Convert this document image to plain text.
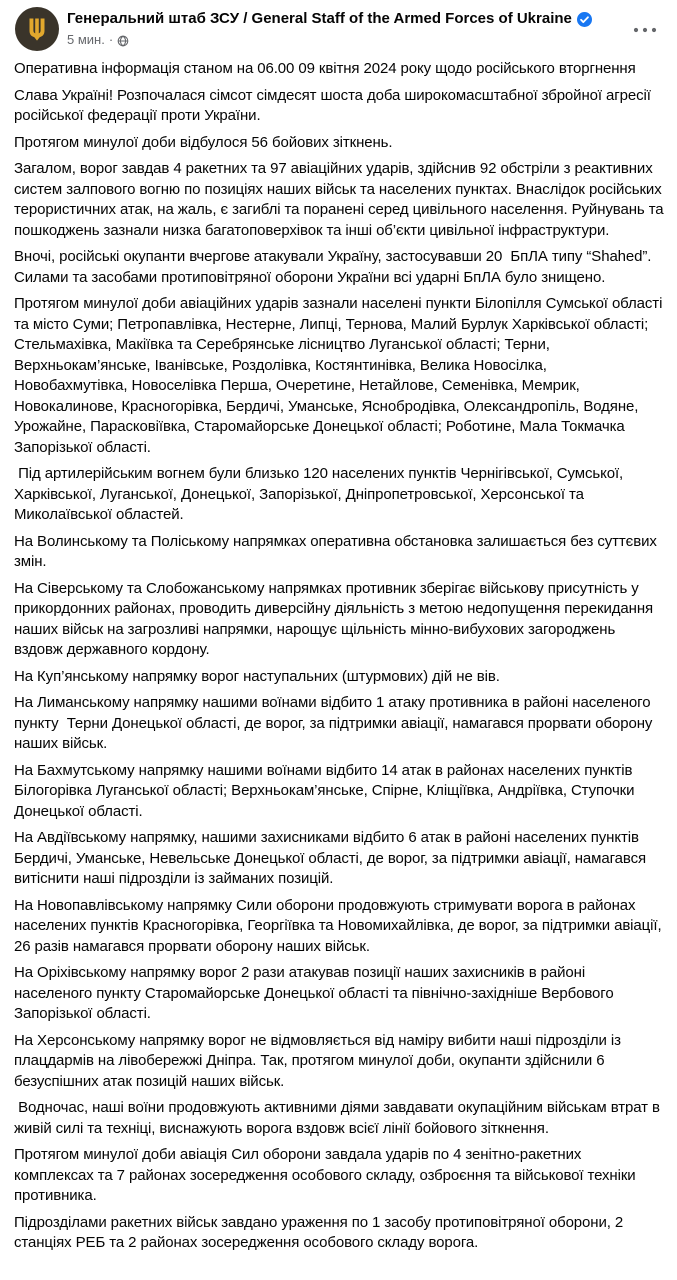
Генеральний штаб ЗСУ / General Staff of the Armed Forces of Ukraine
5 мин. ·
Оперативна інформація станом на 06.00 09 квітня 2024 року щодо російського вторгнення
Слава Україні! Розпочалася сімсот сімдесят шоста доба широкомасштабної збройної агресії російської федерації проти України.
Протягом минулої доби відбулося 56 бойових зіткнень.
Загалом, ворог завдав 4 ракетних та 97 авіаційних ударів, здійснив 92 обстріли з реактивних систем залпового вогню по позиціях наших військ та населених пунктах. Внаслідок російських терористичних атак, на жаль, є загиблі та поранені серед цивільного населення. Руйнувань та пошкоджень зазнали низка багатоповерхівок та інші об’єкти цивільної інфраструктури.
Вночі, російські окупанти вчергове атакували Україну, застосувавши 20  БпЛА типу “Shahed”. Силами та засобами протиповітряної оборони України всі ударні БпЛА було знищено.
Протягом минулої доби авіаційних ударів зазнали населені пункти Білопілля Сумської області та місто Суми; Петропавлівка, Нестерне, Липці, Тернова, Малий Бурлук Харківської області; Стельмахівка, Макіївка та Серебрянське лісництво Луганської області; Терни, Верхньокам’янське, Іванівське, Роздолівка, Костянтинівка, Велика Новосілка, Новобахмутівка, Новоселівка Перша, Очеретине, Нетайлове, Семенівка, Мемрик, Новокалинове, Красногорівка, Бердичі, Уманське, Яснобродівка, Олександропіль, Водяне, Урожайне, Парасковіївка, Старомайорське Донецької області; Роботине, Мала Токмачка Запорізької області.
Під артилерійським вогнем були близько 120 населених пунктів Чернігівської, Сумської, Харківської, Луганської, Донецької, Запорізької, Дніпропетровської, Херсонської та Миколаївської областей.
На Волинському та Поліському напрямках оперативна обстановка залишається без суттєвих змін.
На Сіверському та Слобожанському напрямках противник зберігає військову присутність у прикордонних районах, проводить диверсійну діяльність з метою недопущення перекидання наших військ на загрозливі напрямки, нарощує щільність мінно-вибухових загороджень вздовж державного кордону.
На Куп’янському напрямку ворог наступальних (штурмових) дій не вів.
На Лиманському напрямку нашими воїнами відбито 1 атаку противника в районі населеного пункту  Терни Донецької області, де ворог, за підтримки авіації, намагався прорвати оборону наших військ.
На Бахмутському напрямку нашими воїнами відбито 14 атак в районах населених пунктів Білогорівка Луганської області; Верхньокам’янське, Спірне, Кліщіївка, Андріївка, Ступочки Донецької області.
На Авдіївському напрямку, нашими захисниками відбито 6 атак в районі населених пунктів Бердичі, Уманське, Невельське Донецької області, де ворог, за підтримки авіації, намагався витіснити наші підрозділи із займаних позицій.
На Новопавлівському напрямку Сили оборони продовжують стримувати ворога в районах населених пунктів Красногорівка, Георгіївка та Новомихайлівка, де ворог, за підтримки авіації, 26 разів намагався прорвати оборону наших військ.
На Оріхівському напрямку ворог 2 рази атакував позиції наших захисників в районі населеного пункту Старомайорське Донецької області та північно-західніше Вербового Запорізької області.
На Херсонському напрямку ворог не відмовляється від наміру вибити наші підрозділи із плацдармів на лівобережжі Дніпра. Так, протягом минулої доби, окупанти здійснили 6 безуспішних атак позицій наших військ.
Водночас, наші воїни продовжують активними діями завдавати окупаційним військам втрат в живій силі та техніці, виснажують ворога вздовж всієї лінії бойового зіткнення.
Протягом минулої доби авіація Сил оборони завдала ударів по 4 зенітно-ракетних комплексах та 7 районах зосередження особового складу, озброєння та військової техніки противника.
Підрозділами ракетних військ завдано ураження по 1 засобу протиповітряної оборони, 2 станціях РЕБ та 2 районах зосередження особового складу ворога.
